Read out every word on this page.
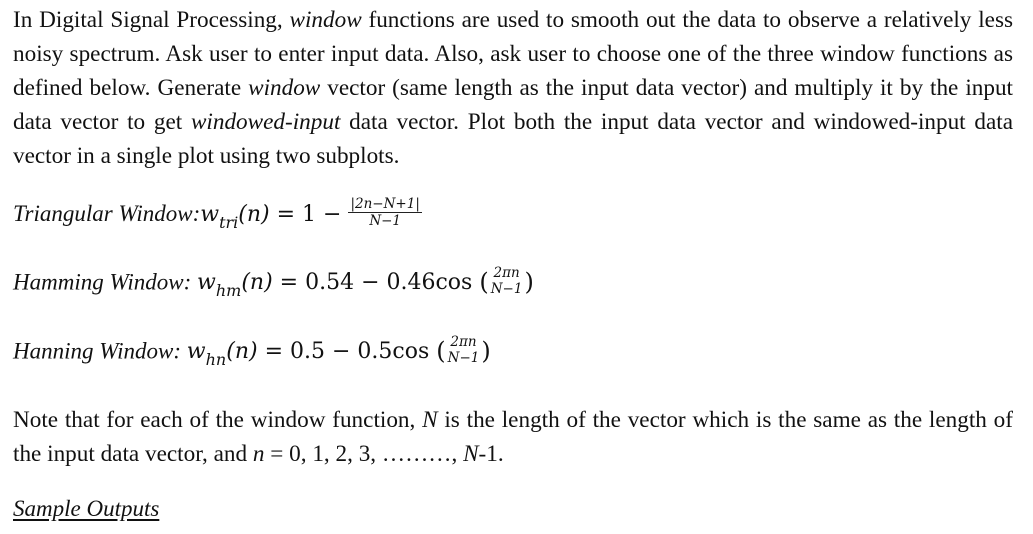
In Digital Signal Processing, window functions are used to smooth out the data to observe a relatively less noisy spectrum. Ask user to enter input data. Also, ask user to choose one of the three window functions as defined below. Generate window vector (same length as the input data vector) and multiply it by the input data vector to get windowed-input data vector. Plot both the input data vector and windowed-input data vector in a single plot using two subplots.

Triangular $Window:w_{tri}(n) = 1 - \frac{|2n-N+1|}{N-1}$
Hamming Window: $w_{hm}(n) = 0.54 - 0.46\cos$ ( 2πn
N−1 )
Hanning Window: $w_{hn}(n) = 0.5 - 0.5\cos$ ( 2πn
N−1 )

Note that for each of the window function, N is the length of the vector which is the same as the length of the input data vector, and n = 0, 1, 2, 3, ………, N-1.

Sample Outputs
